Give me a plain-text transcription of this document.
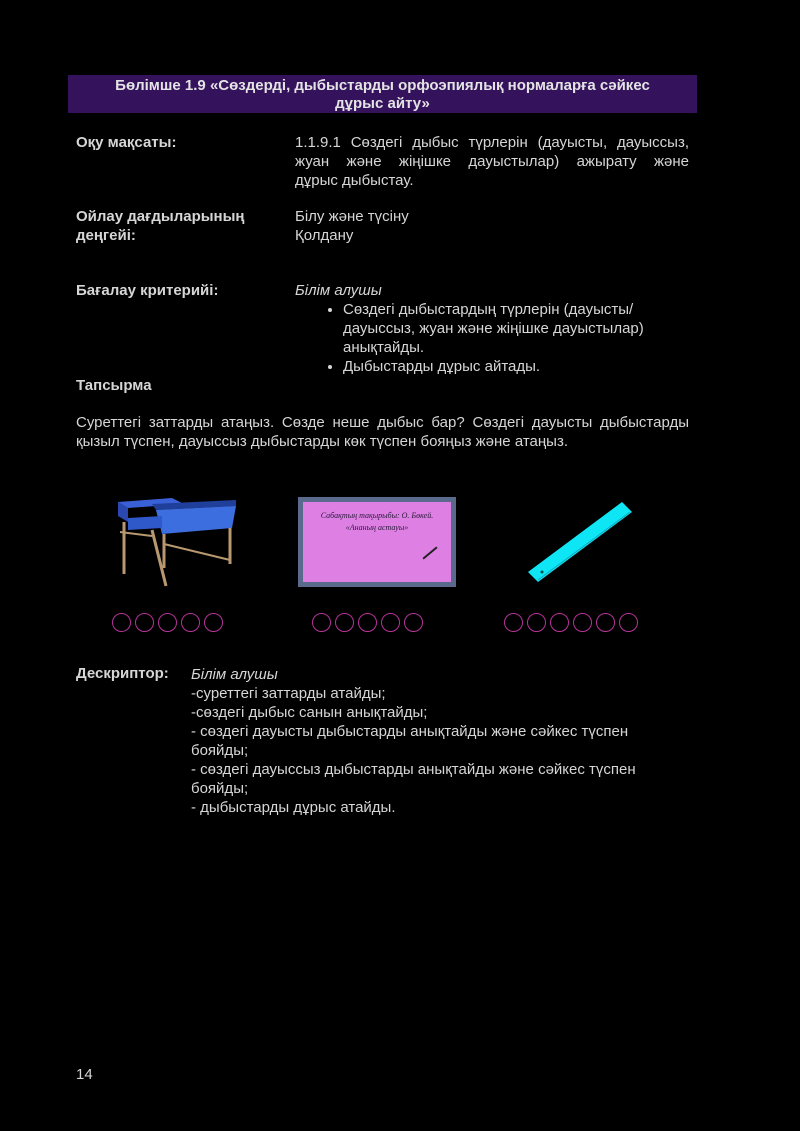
Бөлімше 1.9 «Сөздерді, дыбыстарды орфоэпиялық нормаларға сәйкес
дұрыс айту»
Оқу мақсаты:	1.1.9.1 Сөздегі дыбыс түрлерін (дауысты, дауыссыз,
жуан және жіңішке дауыстылар) ажырату және
дұрыс дыбыстау.
Ойлау дағдыларының
деңгейі:
Білу және түсіну
Қолдану
Бағалау критерийі:	Білім алушы
• Сөздегі дыбыстардың түрлерін (дауысты/дауыссыз, жуан және жіңішке дауыстылар) анықтайды.
• Дыбыстарды дұрыс айтады.
Тапсырма
Суреттегі заттарды атаңыз. Сөзде неше дыбыс бар? Сөздегі дауысты дыбыстарды қызыл түспен, дауыссыз дыбыстарды көк түспен бояңыз және атаңыз.
Сабақтың тақырыбы: О. Бөкей.
«Ананың астауы»
Дескриптор: Білім алушы
-суреттегі заттарды атайды;
-сөздегі дыбыс санын анықтайды;
- сөздегі дауысты дыбыстарды анықтайды және сәйкес түспен
бояйды;
- сөздегі дауыссыз дыбыстарды анықтайды және сәйкес түспен
бояйды;
- дыбыстарды дұрыс атайды.
14
